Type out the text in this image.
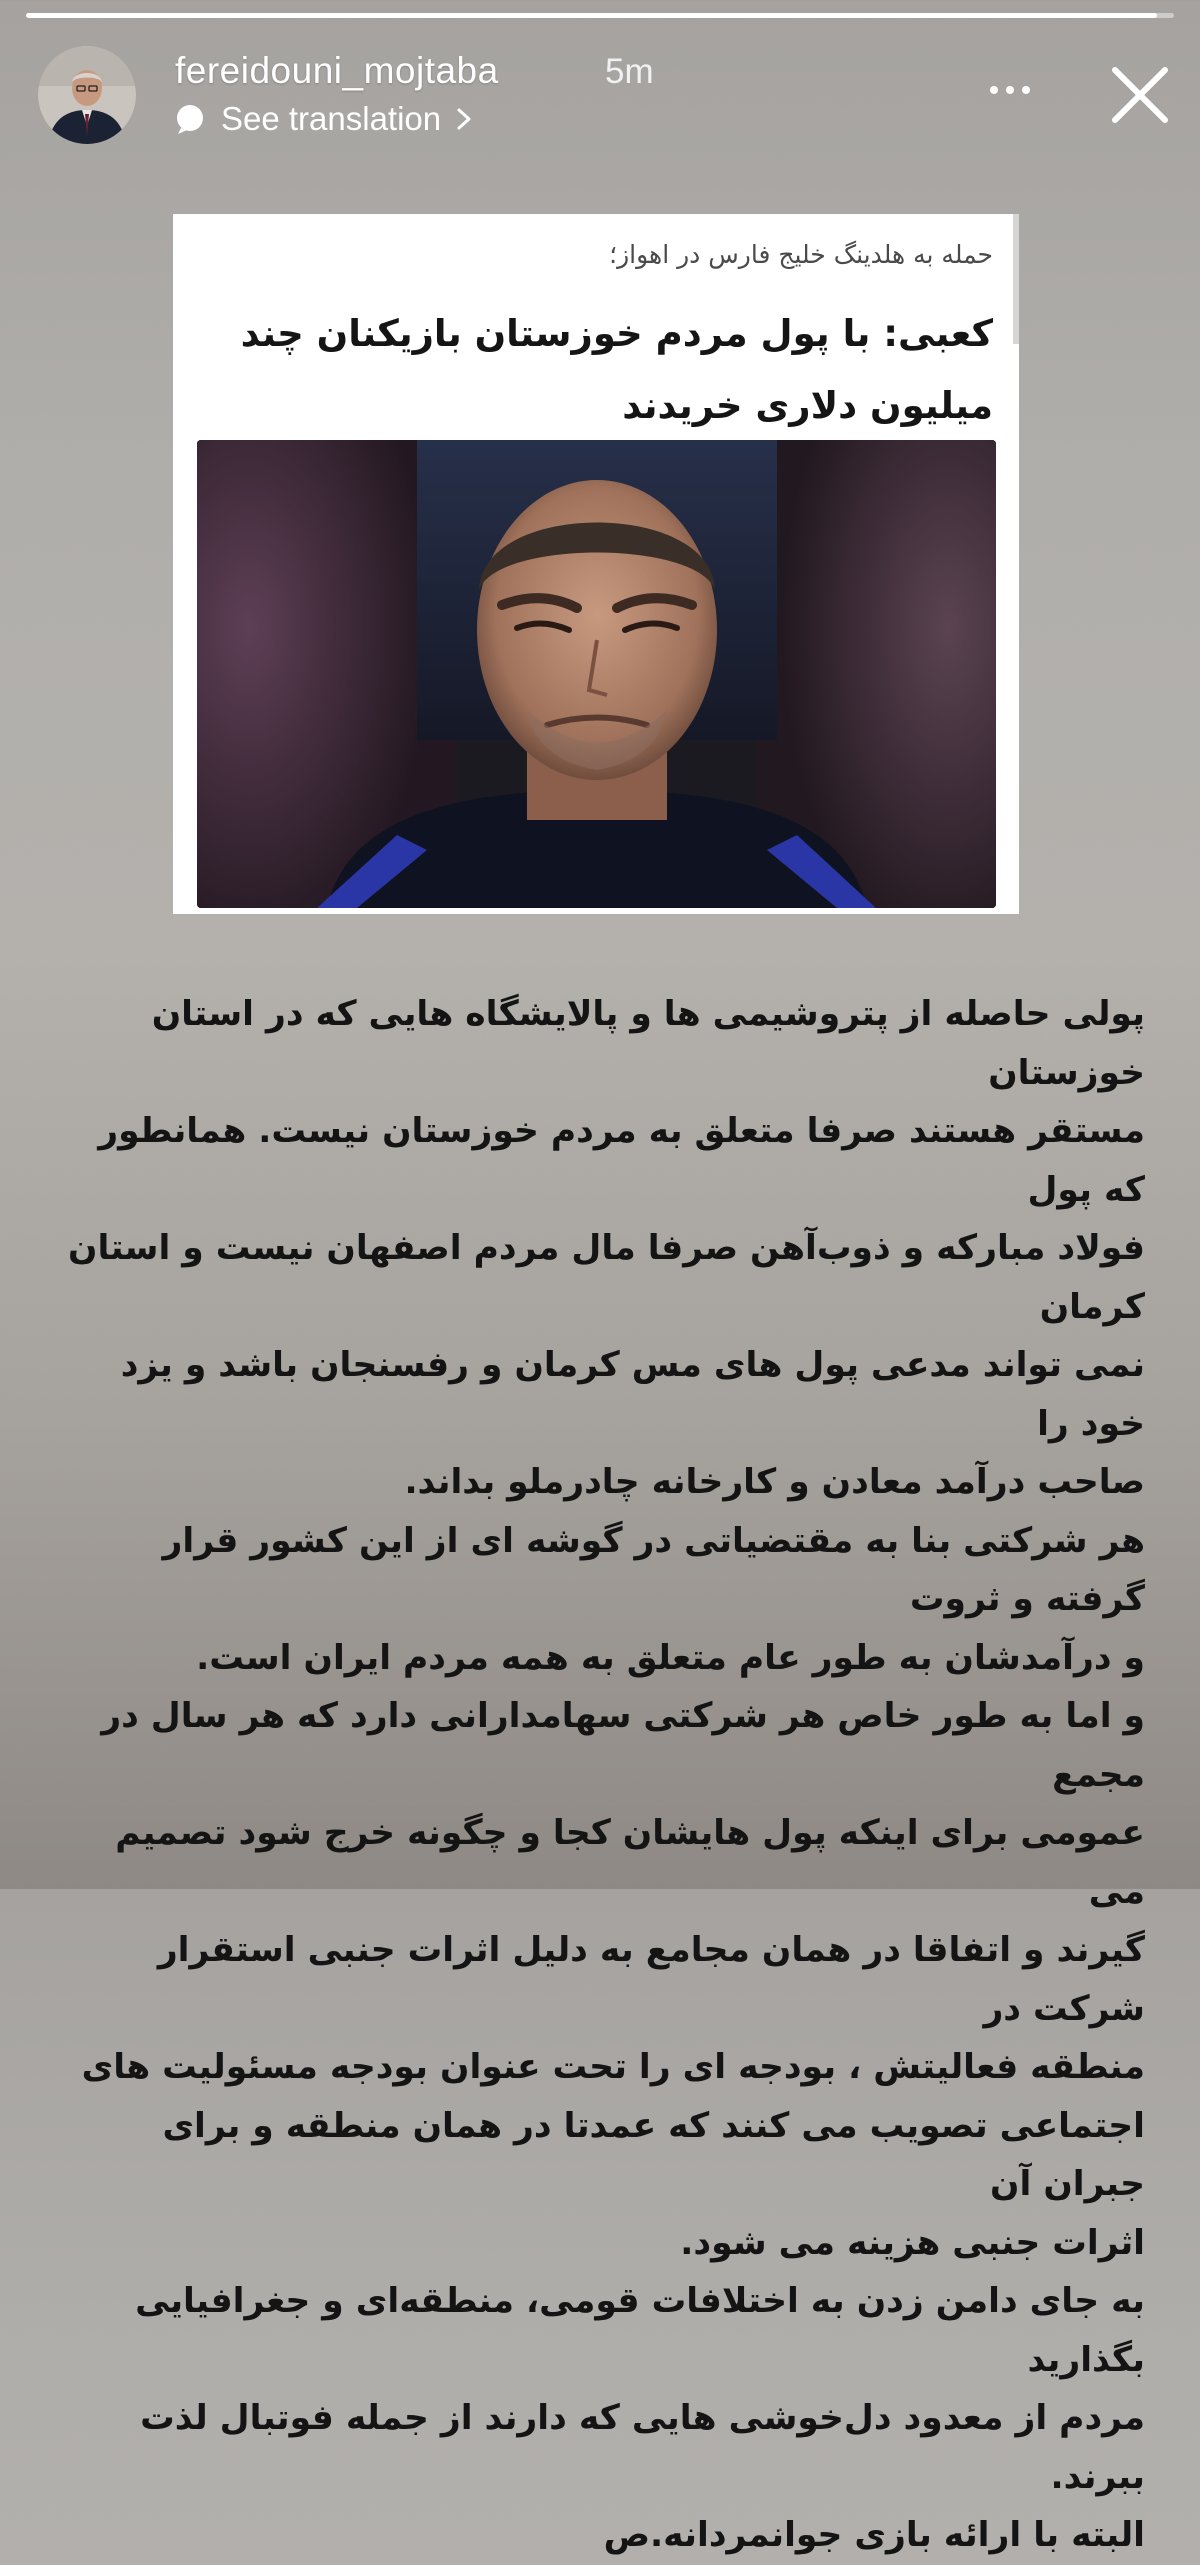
fereidouni_mojtaba	5m
See translation
حمله به هلدینگ خلیج فارس در اهواز؛
کعبی: با پول مردم خوزستان بازیکنان چند میلیون دلاری خریدند

پولی حاصله از پتروشیمی ها و پالایشگاه هایی که در استان خوزستان
مستقر هستند صرفا متعلق به مردم خوزستان نیست. همانطور که پول
فولاد مبارکه و ذوب‌آهن صرفا مال مردم اصفهان نیست و استان کرمان
نمی تواند مدعی پول های مس کرمان و رفسنجان باشد و یزد خود را
صاحب درآمد معادن و کارخانه چادرملو بداند.

هر شرکتی بنا به مقتضیاتی در گوشه ای از این کشور قرار گرفته و ثروت
و درآمدشان به طور عام متعلق به همه مردم ایران است.

و اما به طور خاص هر شرکتی سهامدارانی دارد که هر سال در مجمع
عمومی برای اینکه پول هایشان کجا و چگونه خرج شود تصمیم می
گیرند و اتفاقا در همان مجامع به دلیل اثرات جنبی استقرار شرکت در
منطقه فعالیتش ، بودجه ای را تحت عنوان بودجه مسئولیت های
اجتماعی تصویب می کنند که عمدتا در همان منطقه و برای جبران آن
اثرات جنبی هزینه می شود.

به جای دامن زدن به اختلافات قومی، منطقه‌ای و جغرافیایی بگذارید
مردم از معدود دل‌خوشی هایی که دارند از جمله فوتبال لذت ببرند.
البته با ارائه بازی جوانمردانه.ص
